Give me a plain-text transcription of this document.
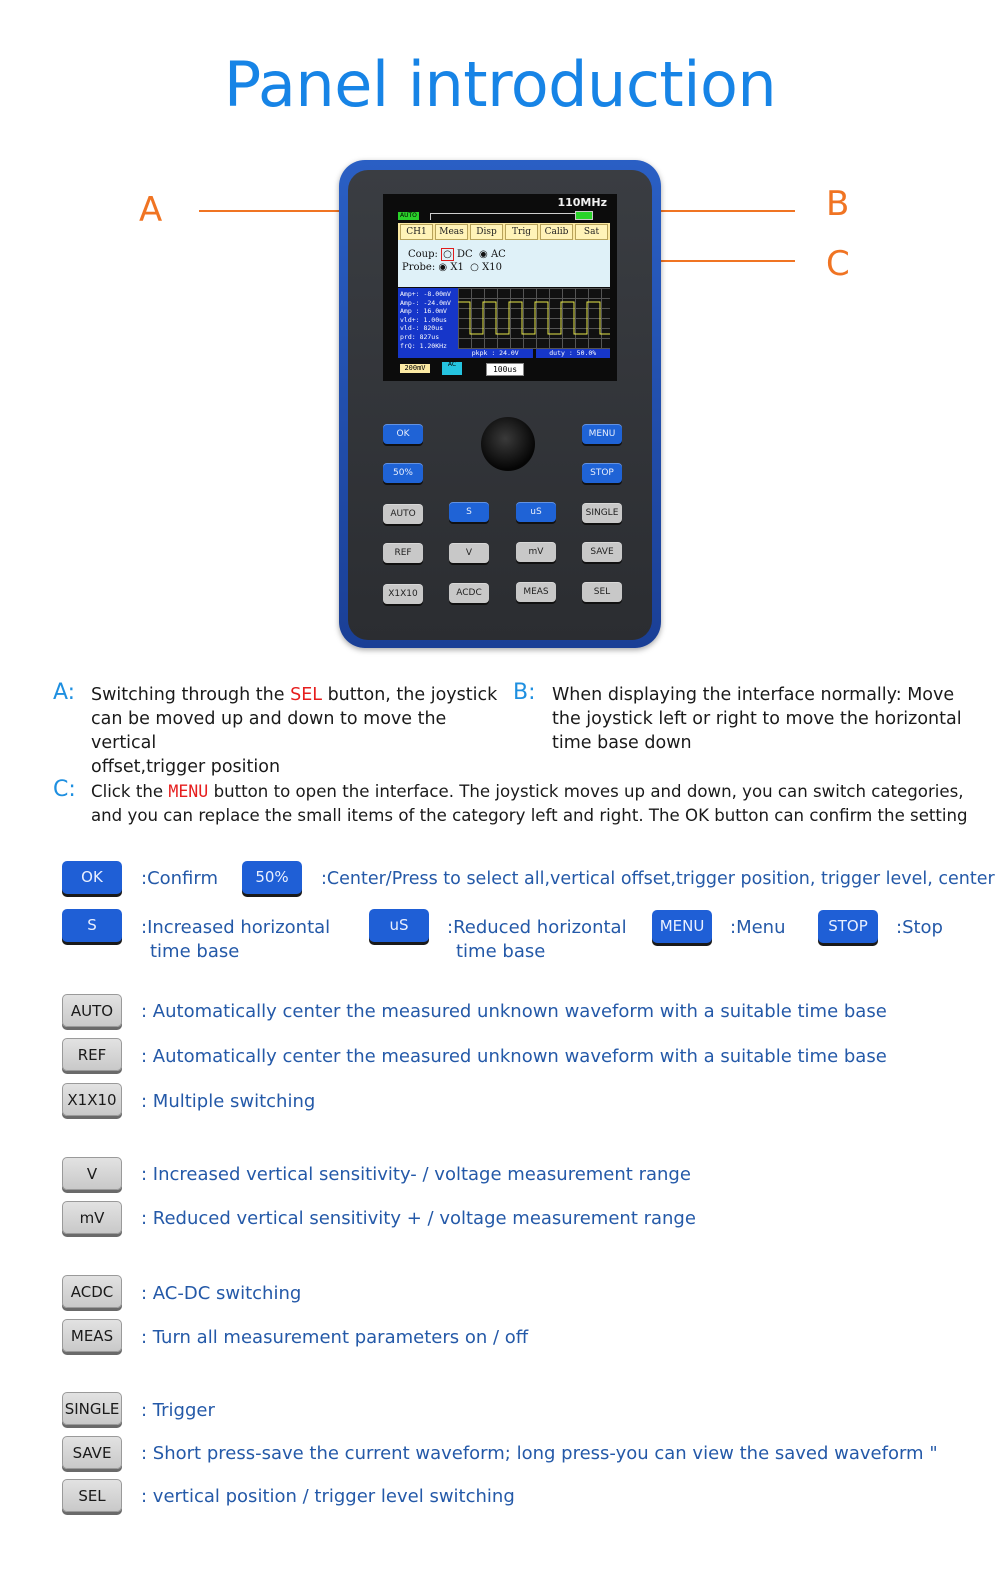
Panel introduction
A	B
C
110MHz
AUTO
CH1	Meas	Disp	Trig	Calib	Sat
Coup: ○ DC ◉ AC
Probe: ◉ X1 ○ X10
Amp+: -8.00mV
Amp-: -24.0mV
Amp : 16.0mV
vld+: 1.00us
vld-: 820us
prd: 827us
frQ: 1.20KHz
pkpk : 24.0V	duty : 50.0%
200mV	AC
100us
OK	MENU
50%	STOP
AUTO	S	uS	SINGLE
REF	V	mV	SAVE
X1X10	ACDC	MEAS	SEL
A: Switching through the SEL button, the joystick
can be moved up and down to move the vertical
offset,trigger position
B: When displaying the interface normally: Move
the joystick left or right to move the horizontal
time base down
C: Click the MENU button to open the interface. The joystick moves up and down, you can switch categories,
and you can replace the small items of the category left and right. The OK button can confirm the setting
OK	:Confirm	50%	:Center/Press to select all,vertical offset,trigger position, trigger level, center
S	:Increased horizontal
time base
uS	:Reduced horizontal
time base
MENU	:Menu	STOP	:Stop
AUTO	: Automatically center the measured unknown waveform with a suitable time base
REF	: Automatically center the measured unknown waveform with a suitable time base
X1X10	: Multiple switching
V	: Increased vertical sensitivity- / voltage measurement range
mV	: Reduced vertical sensitivity + / voltage measurement range
ACDC	: AC-DC switching
MEAS	: Turn all measurement parameters on / off
SINGLE : Trigger
SAVE	: Short press-save the current waveform; long press-you can view the saved waveform "
SEL	: vertical position / trigger level switching
